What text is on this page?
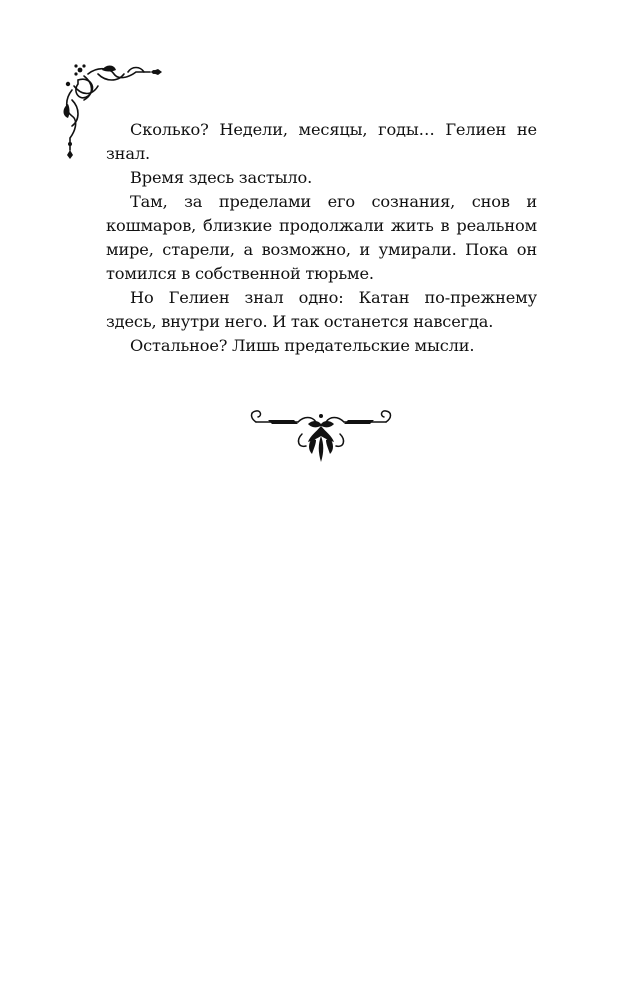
Сколько? Недели, месяцы, годы… Гелиен не знал.

Время здесь застыло.

Там, за пределами его сознания, снов и кошмаров, близкие продолжали жить в реальном мире, старели, а возможно, и умирали. Пока он томился в собственной тюрьме.

Но Гелиен знал одно: Катан по-прежнему здесь, внутри него. И так останется навсегда.

Остальное? Лишь предательские мысли.
